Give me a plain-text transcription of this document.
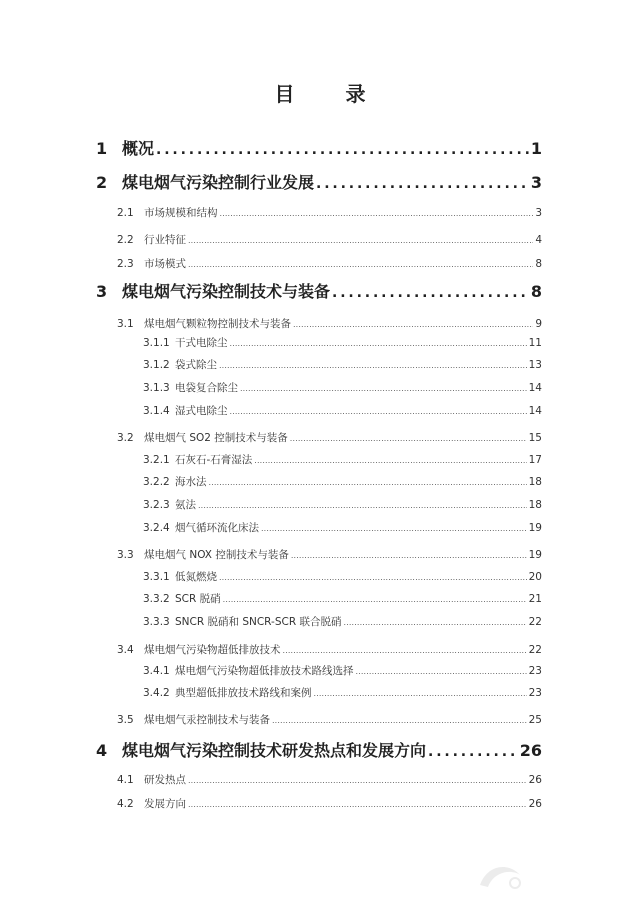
目 录
1 概况 . . .	1
2 煤电烟气污染控制行业发展 . . .	3
2.1 市场规模和结构 . . .	3
2.2 行业特征 . . .	4
2.3 市场模式 . . .	8
3 煤电烟气污染控制技术与装备 . . .	8
3.1 煤电烟气颗粒物控制技术与装备 . . .	9
3.1.1 干式电除尘 . . .	11
3.1.2 袋式除尘 . . .	13
3.1.3 电袋复合除尘 . . .	14
3.1.4 湿式电除尘 . . .	14
3.2 煤电烟气 SO2 控制技术与装备 . . .	15
3.2.1 石灰石-石膏湿法 . . .	17
3.2.2 海水法 . . .	18
3.2.3 氨法 . . .	18
3.2.4 烟气循环流化床法 . . .	19
3.3 煤电烟气 NOX 控制技术与装备 . . .	19
3.3.1 低氮燃烧 . . .	20
3.3.2 SCR 脱硝 . . .	21
3.3.3 SNCR 脱硝和 SNCR-SCR 联合脱硝 . . .	22
3.4 煤电烟气污染物超低排放技术 . . .	22
3.4.1 煤电烟气污染物超低排放技术路线选择 . . .	23
3.4.2 典型超低排放技术路线和案例 . . .	23
3.5 煤电烟气汞控制技术与装备 . . .	25
4 煤电烟气污染控制技术研发热点和发展方向 . . .	26
4.1 研发热点 . . .	26
4.2 发展方向 . . .	26
